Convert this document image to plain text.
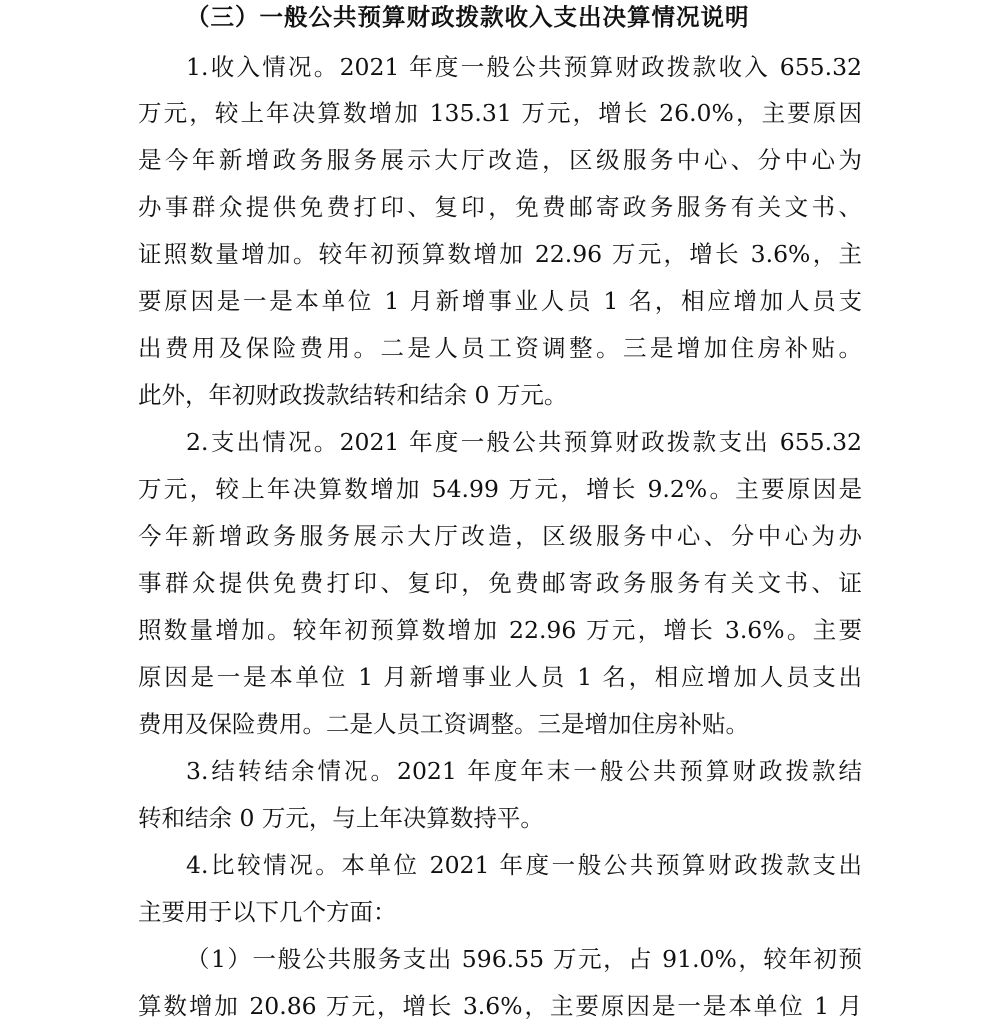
（三）一般公共预算财政拨款收入支出决算情况说明
1.收入情况。2021 年度一般公共预算财政拨款收入 655.32
万元，较上年决算数增加 135.31 万元，增长 26.0%，主要原因
是今年新增政务服务展示大厅改造，区级服务中心、分中心为
办事群众提供免费打印、复印，免费邮寄政务服务有关文书、
证照数量增加。较年初预算数增加 22.96 万元，增长 3.6%，主
要原因是一是本单位 1 月新增事业人员 1 名，相应增加人员支
出费用及保险费用。二是人员工资调整。三是增加住房补贴。
此外，年初财政拨款结转和结余 0 万元。
2.支出情况。2021 年度一般公共预算财政拨款支出 655.32
万元，较上年决算数增加 54.99 万元，增长 9.2%。主要原因是
今年新增政务服务展示大厅改造，区级服务中心、分中心为办
事群众提供免费打印、复印，免费邮寄政务服务有关文书、证
照数量增加。较年初预算数增加 22.96 万元，增长 3.6%。主要
原因是一是本单位 1 月新增事业人员 1 名，相应增加人员支出
费用及保险费用。二是人员工资调整。三是增加住房补贴。
3.结转结余情况。2021 年度年末一般公共预算财政拨款结
转和结余 0 万元，与上年决算数持平。
4.比较情况。本单位 2021 年度一般公共预算财政拨款支出
主要用于以下几个方面：
（1）一般公共服务支出 596.55 万元，占 91.0%，较年初预
算数增加 20.86 万元，增长 3.6%，主要原因是一是本单位 1 月
